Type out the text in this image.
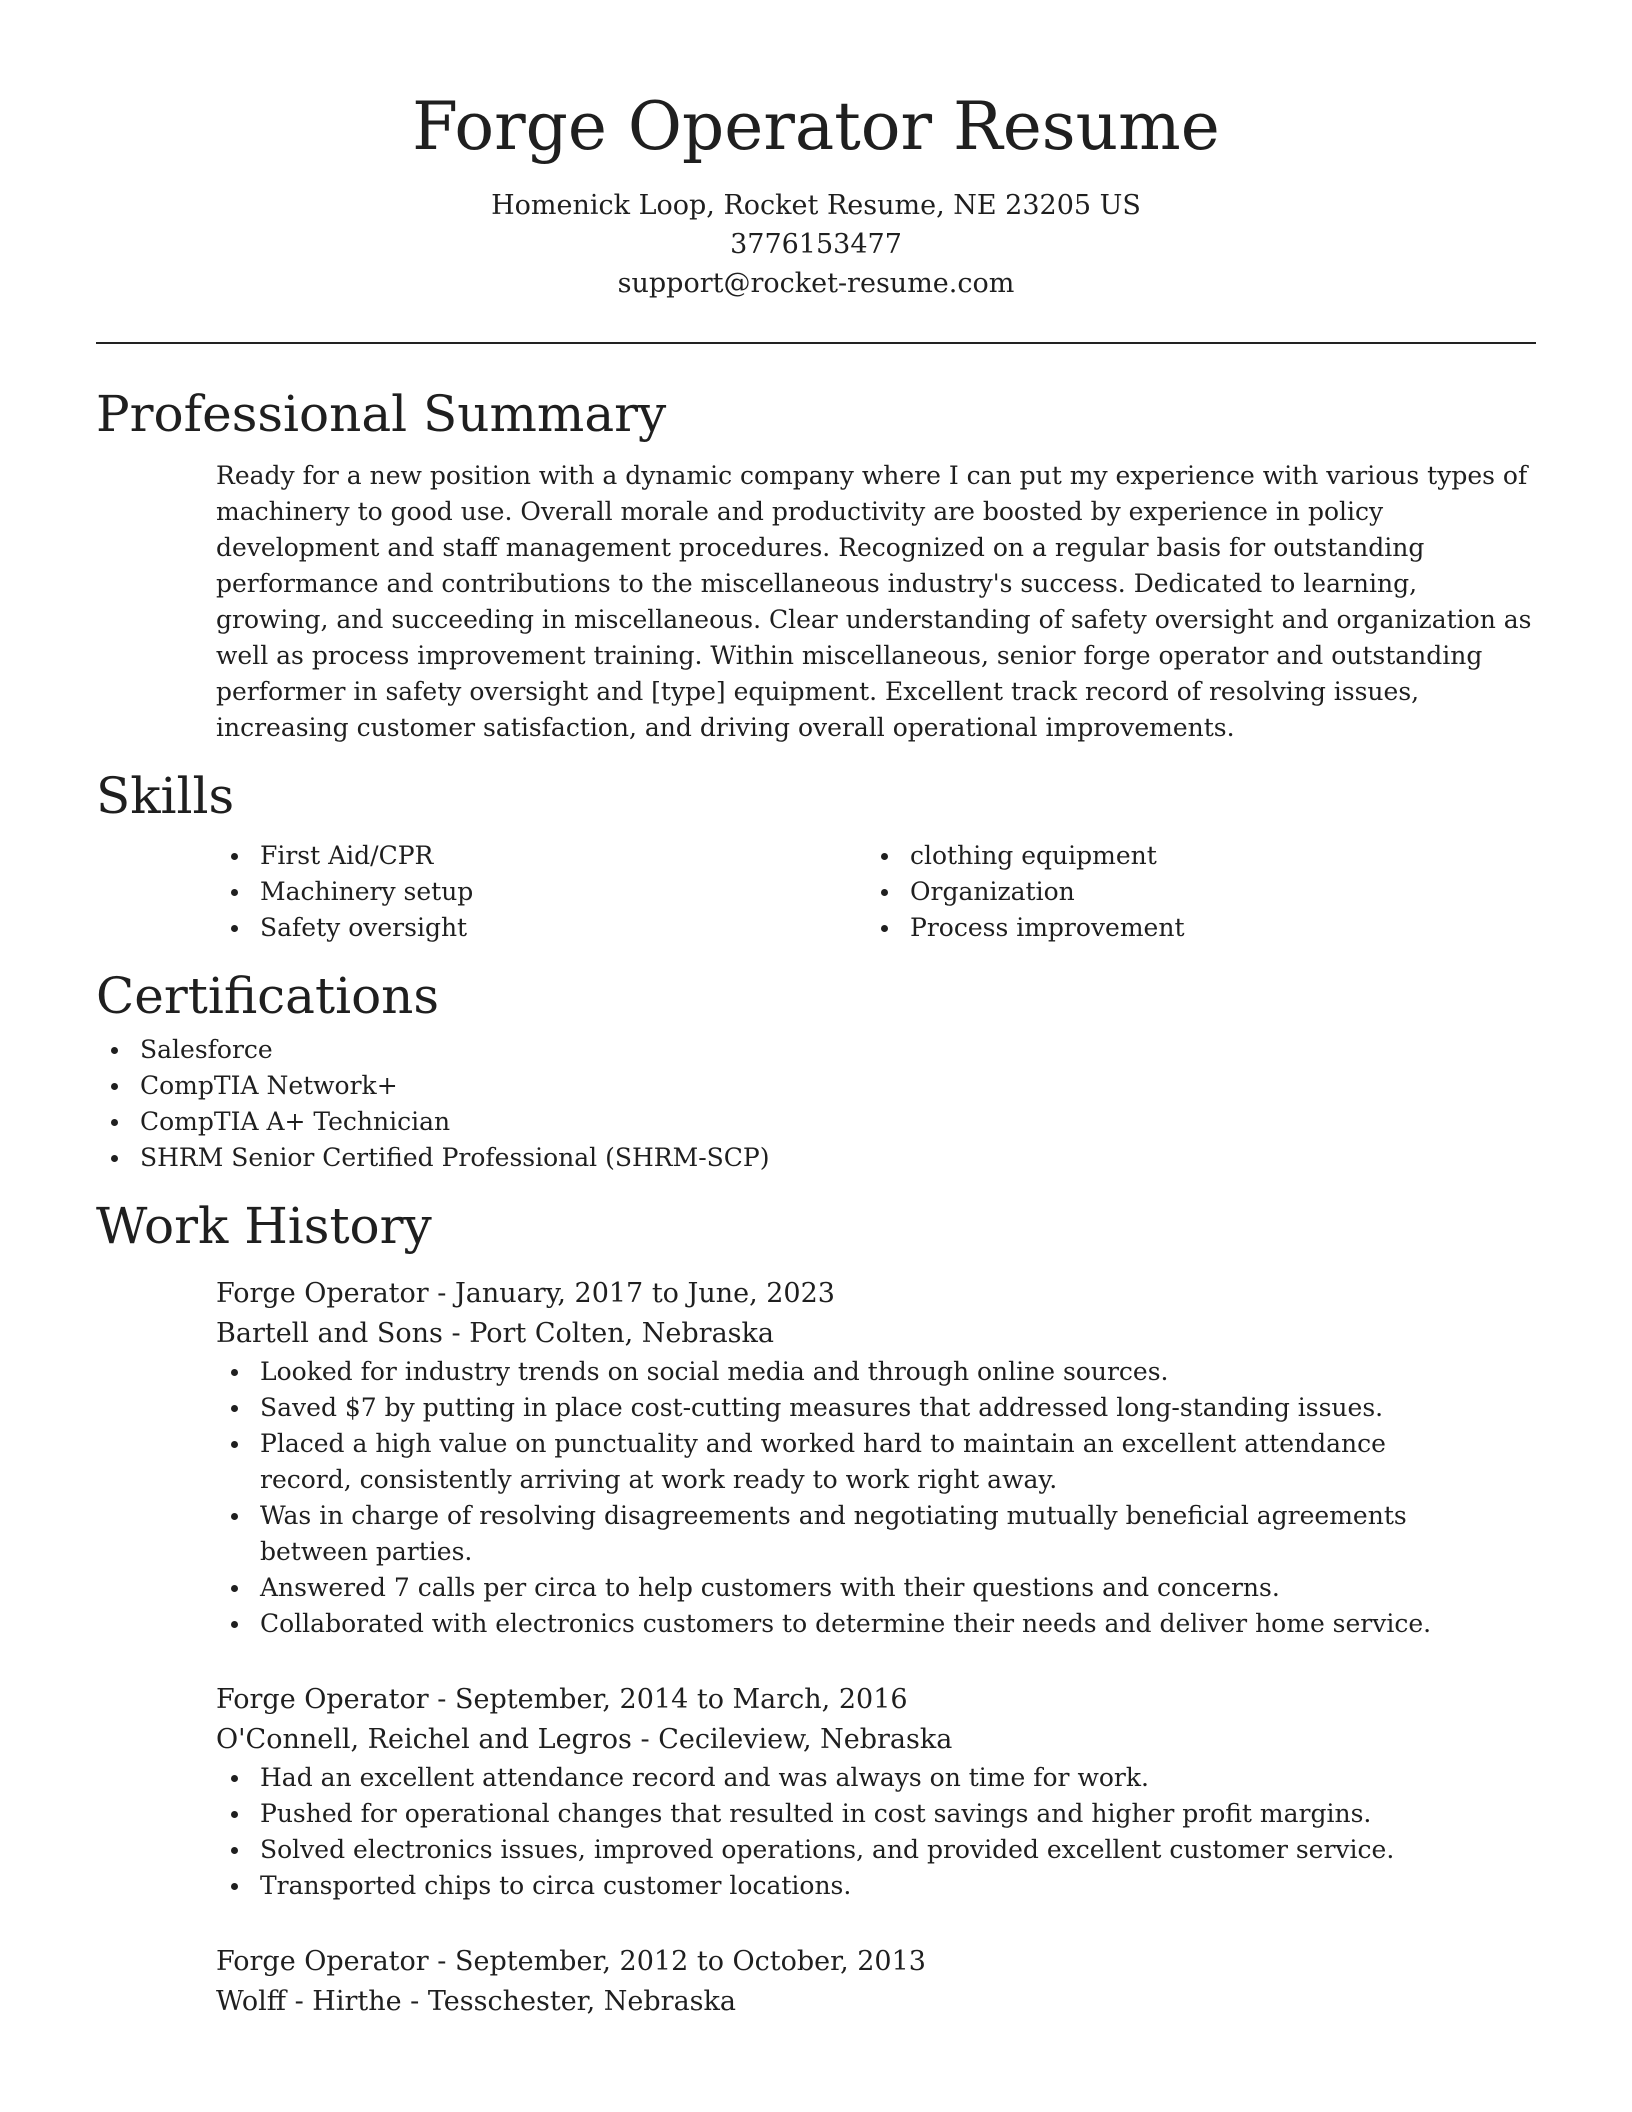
Forge Operator Resume

Homenick Loop, Rocket Resume, NE 23205 US

3776153477

support@rocket-resume.com

Professional Summary

Ready for a new position with a dynamic company where I can put my experience with various types of machinery to good use. Overall morale and productivity are boosted by experience in policy development and staff management procedures. Recognized on a regular basis for outstanding performance and contributions to the miscellaneous industry's success. Dedicated to learning, growing, and succeeding in miscellaneous. Clear understanding of safety oversight and organization as well as process improvement training. Within miscellaneous, senior forge operator and outstanding performer in safety oversight and [type] equipment. Excellent track record of resolving issues, increasing customer satisfaction, and driving overall operational improvements.

Skills
First Aid/CPR
Machinery setup
Safety oversight
clothing equipment
Organization
Process improvement
Certifications
Salesforce
CompTIA Network+
CompTIA A+ Technician
SHRM Senior Certified Professional (SHRM-SCP)
Work History
Forge Operator - January, 2017 to June, 2023
Bartell and Sons - Port Colten, Nebraska
Looked for industry trends on social media and through online sources.
Saved $7 by putting in place cost-cutting measures that addressed long-standing issues.
Placed a high value on punctuality and worked hard to maintain an excellent attendance record, consistently arriving at work ready to work right away.
Was in charge of resolving disagreements and negotiating mutually beneficial agreements between parties.
Answered 7 calls per circa to help customers with their questions and concerns.
Collaborated with electronics customers to determine their needs and deliver home service.
Forge Operator - September, 2014 to March, 2016
O'Connell, Reichel and Legros - Cecileview, Nebraska
Had an excellent attendance record and was always on time for work.
Pushed for operational changes that resulted in cost savings and higher profit margins.
Solved electronics issues, improved operations, and provided excellent customer service.
Transported chips to circa customer locations.
Forge Operator - September, 2012 to October, 2013
Wolff - Hirthe - Tesschester, Nebraska
